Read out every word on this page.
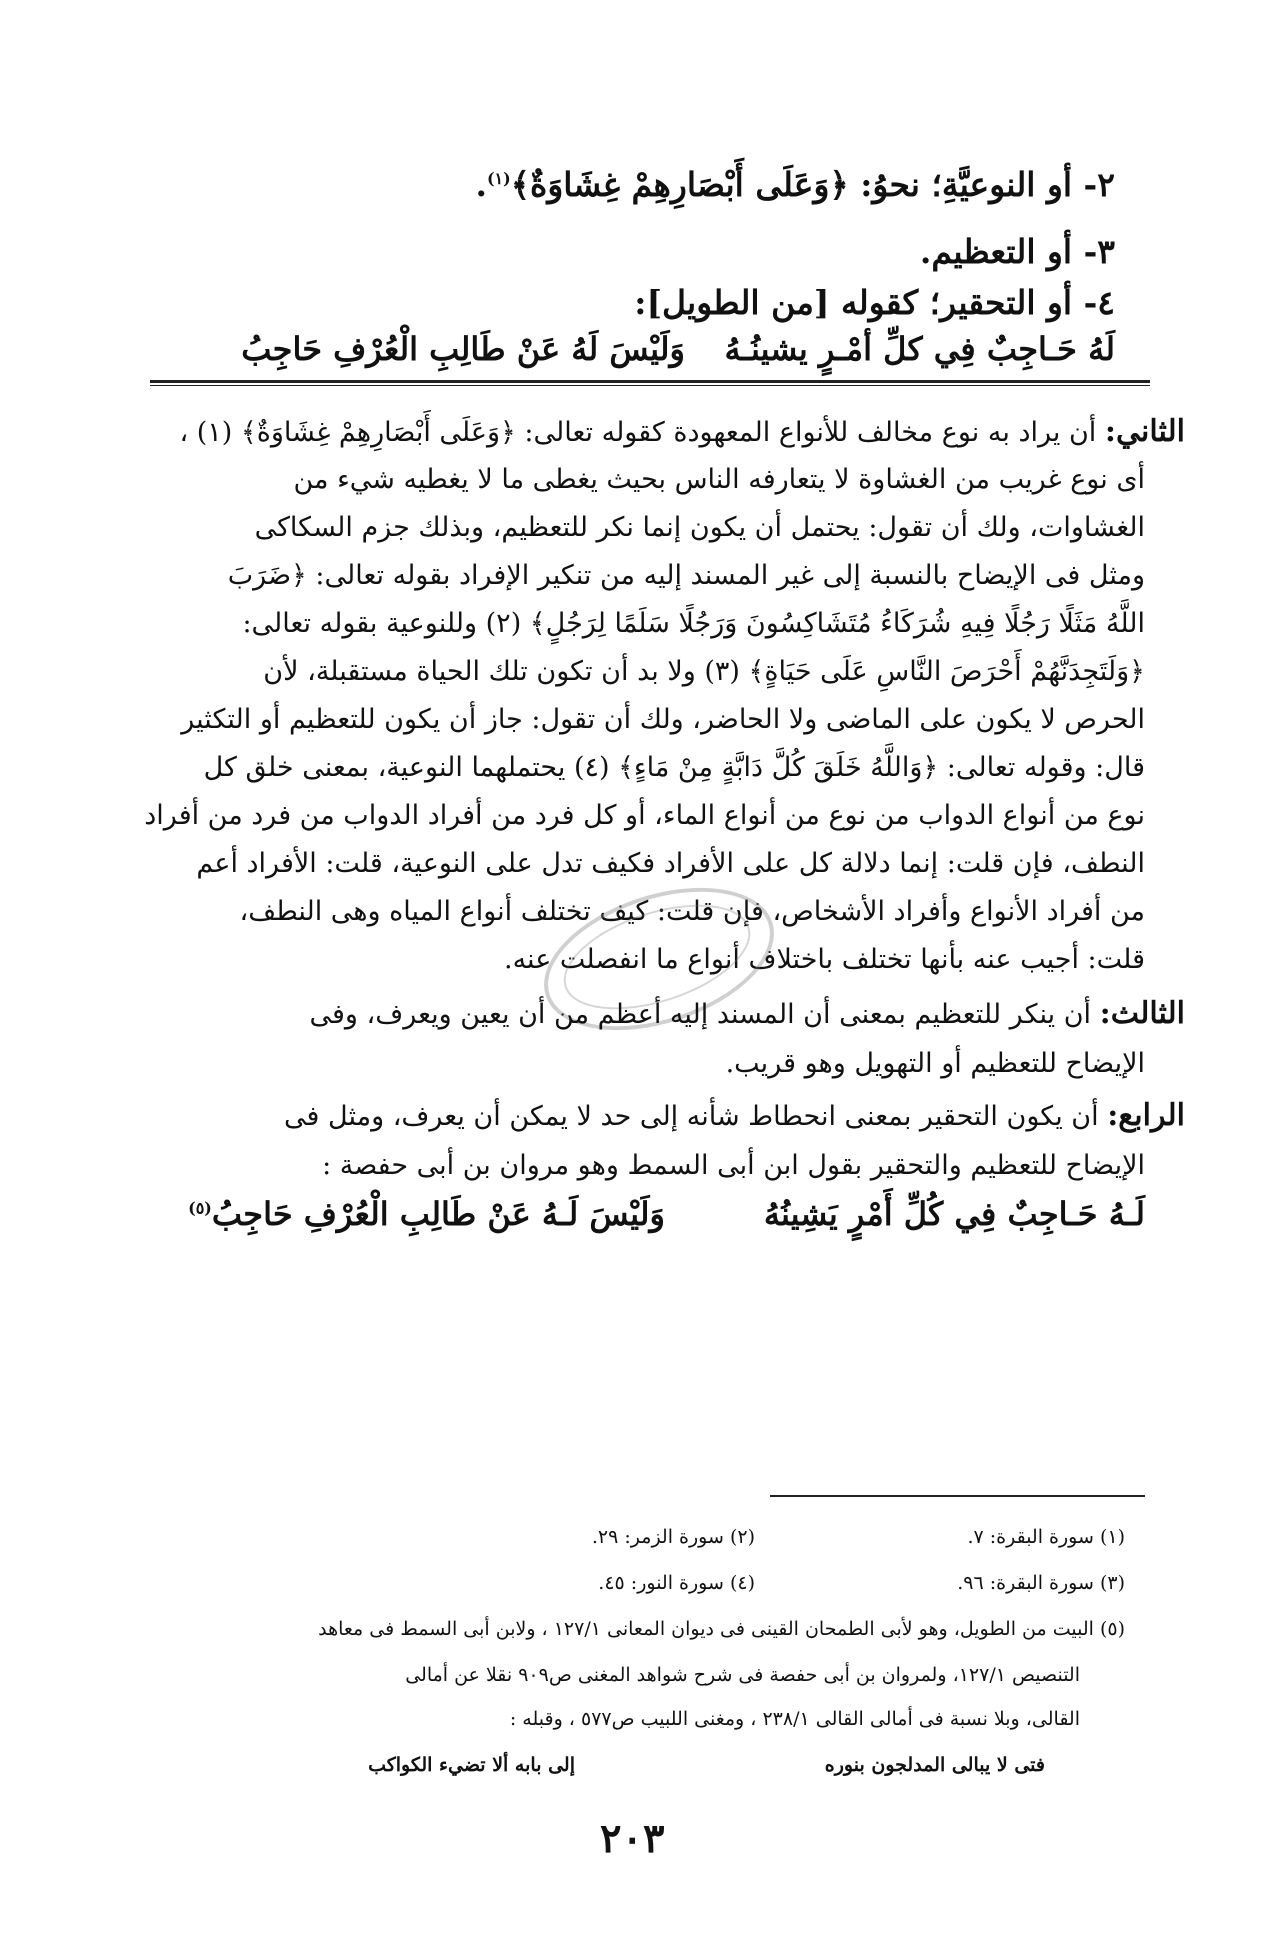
٢- أو النوعيَّةِ؛ نحوُ: ﴿وَعَلَى أَبْصَارِهِمْ غِشَاوَةٌ﴾$^{(١)}$.
٣- أو التعظيم.
٤- أو التحقير؛ كقوله [من الطويل]:
لَهُ حَـاجِبٌ فِي كلِّ أمْـرٍ يشينُـهُ
وَلَيْسَ لَهُ عَنْ طَالِبِ الْعُرْفِ حَاجِبُ
الثاني: أن يراد به نوع مخالف للأنواع المعهودة كقوله تعالى: ﴿وَعَلَى أَبْصَارِهِمْ غِشَاوَةٌ﴾ (١) ،
أى نوع غريب من الغشاوة لا يتعارفه الناس بحيث يغطى ما لا يغطيه شيء من
الغشاوات، ولك أن تقول: يحتمل أن يكون إنما نكر للتعظيم، وبذلك جزم السكاكى
ومثل فى الإيضاح بالنسبة إلى غير المسند إليه من تنكير الإفراد بقوله تعالى: ﴿ضَرَبَ
اللَّهُ مَثَلًا رَجُلًا فِيهِ شُرَكَاءُ مُتَشَاكِسُونَ وَرَجُلًا سَلَمًا لِرَجُلٍ﴾ (٢) وللنوعية بقوله تعالى:
﴿وَلَتَجِدَنَّهُمْ أَحْرَصَ النَّاسِ عَلَى حَيَاةٍ﴾ (٣) ولا بد أن تكون تلك الحياة مستقبلة، لأن
الحرص لا يكون على الماضى ولا الحاضر، ولك أن تقول: جاز أن يكون للتعظيم أو التكثير
قال: وقوله تعالى: ﴿وَاللَّهُ خَلَقَ كُلَّ دَابَّةٍ مِنْ مَاءٍ﴾ (٤) يحتملهما النوعية، بمعنى خلق كل
نوع من أنواع الدواب من نوع من أنواع الماء، أو كل فرد من أفراد الدواب من فرد من أفراد
النطف، فإن قلت: إنما دلالة كل على الأفراد فكيف تدل على النوعية، قلت: الأفراد أعم
من أفراد الأنواع وأفراد الأشخاص، فإن قلت: كيف تختلف أنواع المياه وهى النطف،
قلت: أجيب عنه بأنها تختلف باختلاف أنواع ما انفصلت عنه.
الثالث: أن ينكر للتعظيم بمعنى أن المسند إليه أعظم من أن يعين ويعرف، وفى
الإيضاح للتعظيم أو التهويل وهو قريب.
الرابع: أن يكون التحقير بمعنى انحطاط شأنه إلى حد لا يمكن أن يعرف، ومثل فى
الإيضاح للتعظيم والتحقير بقول ابن أبى السمط وهو مروان بن أبى حفصة :
لَـهُ حَـاجِبٌ فِي كُلِّ أَمْرٍ يَشِينُهُ
وَلَيْسَ لَـهُ عَنْ طَالِبِ الْعُرْفِ حَاجِبُ$^{(٥)}$
(١) سورة البقرة: ٧.
(٢) سورة الزمر: ٢٩.
(٣) سورة البقرة: ٩٦.
(٤) سورة النور: ٤٥.
(٥) البيت من الطويل، وهو لأبى الطمحان القينى فى ديوان المعانى ١٢٧/١ ، ولابن أبى السمط فى معاهد
التنصيص ١٢٧/١، ولمروان بن أبى حفصة فى شرح شواهد المغنى ص٩٠٩ نقلا عن أمالى
القالى، وبلا نسبة فى أمالى القالى ٢٣٨/١ ، ومغنى اللبيب ص٥٧٧ ، وقبله :
فتى لا يبالى المدلجون بنوره
إلى بابه ألا تضيء الكواكب
٢٠٣
